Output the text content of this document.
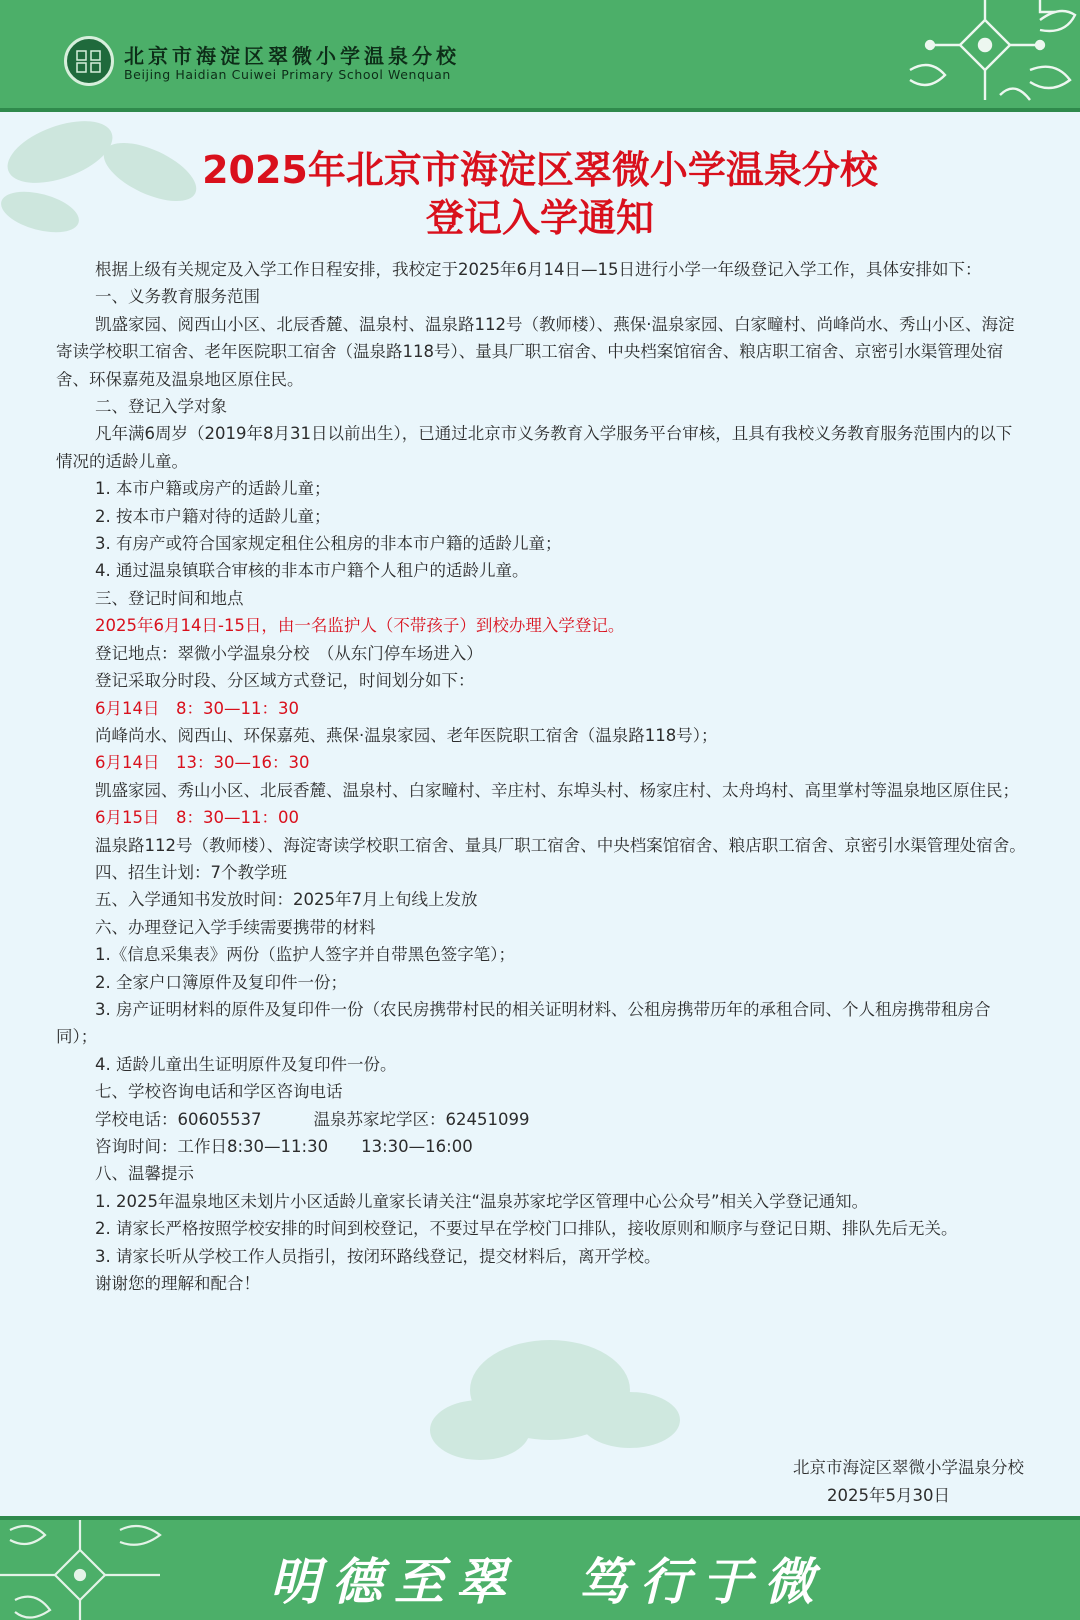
北京市海淀区翠微小学温泉分校
Beijing Haidian Cuiwei Primary School Wenquan
2025年北京市海淀区翠微小学温泉分校
登记入学通知

根据上级有关规定及入学工作日程安排，我校定于2025年6月14日—15日进行小学一年级登记入学工作，具体安排如下：

一、义务教育服务范围

凯盛家园、阅西山小区、北辰香麓、温泉村、温泉路112号（教师楼）、燕保·温泉家园、白家疃村、尚峰尚水、秀山小区、海淀寄读学校职工宿舍、老年医院职工宿舍（温泉路118号）、量具厂职工宿舍、中央档案馆宿舍、粮店职工宿舍、京密引水渠管理处宿舍、环保嘉苑及温泉地区原住民。

二、登记入学对象

凡年满6周岁（2019年8月31日以前出生），已通过北京市义务教育入学服务平台审核，且具有我校义务教育服务范围内的以下情况的适龄儿童。

1. 本市户籍或房产的适龄儿童；

2. 按本市户籍对待的适龄儿童；

3. 有房产或符合国家规定租住公租房的非本市户籍的适龄儿童；

4. 通过温泉镇联合审核的非本市户籍个人租户的适龄儿童。

三、登记时间和地点

2025年6月14日-15日，由一名监护人（不带孩子）到校办理入学登记。

登记地点：翠微小学温泉分校　（从东门停车场进入）

登记采取分时段、分区域方式登记，时间划分如下：

6月14日　8：30—11：30

尚峰尚水、阅西山、环保嘉苑、燕保·温泉家园、老年医院职工宿舍（温泉路118号）；

6月14日　13：30—16：30

凯盛家园、秀山小区、北辰香麓、温泉村、白家疃村、辛庄村、东埠头村、杨家庄村、太舟坞村、高里掌村等温泉地区原住民；

6月15日　8：30—11：00

温泉路112号（教师楼）、海淀寄读学校职工宿舍、量具厂职工宿舍、中央档案馆宿舍、粮店职工宿舍、京密引水渠管理处宿舍。

四、招生计划：7个教学班

五、入学通知书发放时间：2025年7月上旬线上发放

六、办理登记入学手续需要携带的材料

1.《信息采集表》两份（监护人签字并自带黑色签字笔）；

2. 全家户口簿原件及复印件一份；

3. 房产证明材料的原件及复印件一份（农民房携带村民的相关证明材料、公租房携带历年的承租合同、个人租房携带租房合同）；

4. 适龄儿童出生证明原件及复印件一份。

七、学校咨询电话和学区咨询电话

学校电话：60605537	温泉苏家坨学区：62451099

咨询时间：工作日8:30—11:30　　13:30—16:00

八、温馨提示

1. 2025年温泉地区未划片小区适龄儿童家长请关注“温泉苏家坨学区管理中心公众号”相关入学登记通知。

2. 请家长严格按照学校安排的时间到校登记，不要过早在学校门口排队，接收原则和顺序与登记日期、排队先后无关。

3. 请家长听从学校工作人员指引，按闭环路线登记，提交材料后，离开学校。

谢谢您的理解和配合！

北京市海淀区翠微小学温泉分校
2025年5月30日
明德至翠 笃行于微
